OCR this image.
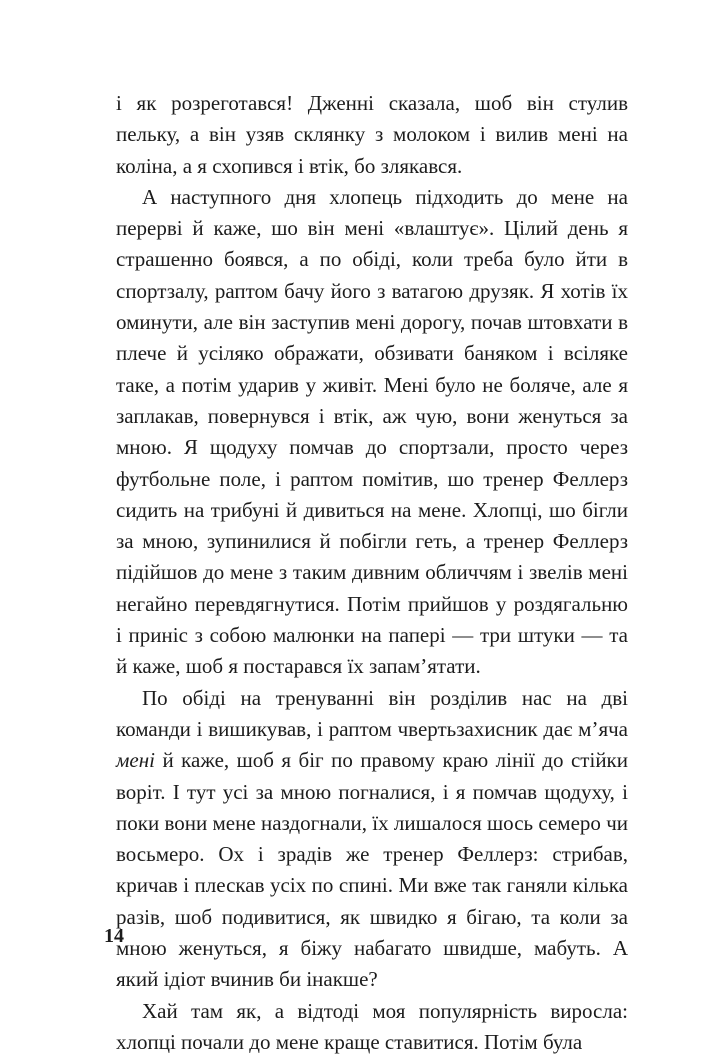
і як розреготався! Дженні сказала, шоб він стулив пельку, а він узяв склянку з молоком і вилив мені на коліна, а я схопився і втік, бо злякався.

А наступного дня хлопець підходить до мене на перерві й каже, шо він мені «влаштує». Цілий день я страшенно боявся, а по обіді, коли треба було йти в спортзалу, раптом бачу його з ватагою друзяк. Я хотів їх оминути, але він заступив мені дорогу, почав штовхати в плече й усіляко ображати, обзивати баняком і всіляке таке, а потім ударив у живіт. Мені було не боляче, але я заплакав, повернувся і втік, аж чую, вони женуться за мною. Я щодуху помчав до спортзали, просто через футбольне поле, і раптом помітив, шо тренер Феллерз сидить на трибуні й дивиться на мене. Хлопці, шо бігли за мною, зупинилися й побігли геть, а тренер Феллерз підійшов до мене з таким дивним обличчям і звелів мені негайно перевдягнутися. Потім прийшов у роздягальню і приніс з собою малюнки на папері — три штуки — та й каже, шоб я постарався їх запам’ятати.

По обіді на тренуванні він розділив нас на дві команди і вишикував, і раптом чвертьзахисник дає м’яча мені й каже, шоб я біг по правому краю лінії до стійки воріт. І тут усі за мною погналися, і я помчав щодуху, і поки вони мене наздогнали, їх лишалося шось семеро чи восьмеро. Ох і зрадів же тренер Феллерз: стрибав, кричав і плескав усіх по спині. Ми вже так ганяли кілька разів, шоб подивитися, як швидко я бігаю, та коли за мною женуться, я біжу набагато швидше, мабуть. А який ідіот вчинив би інакше?

Хай там як, а відтоді моя популярність виросла: хлопці почали до мене краще ставитися. Потім була

14
